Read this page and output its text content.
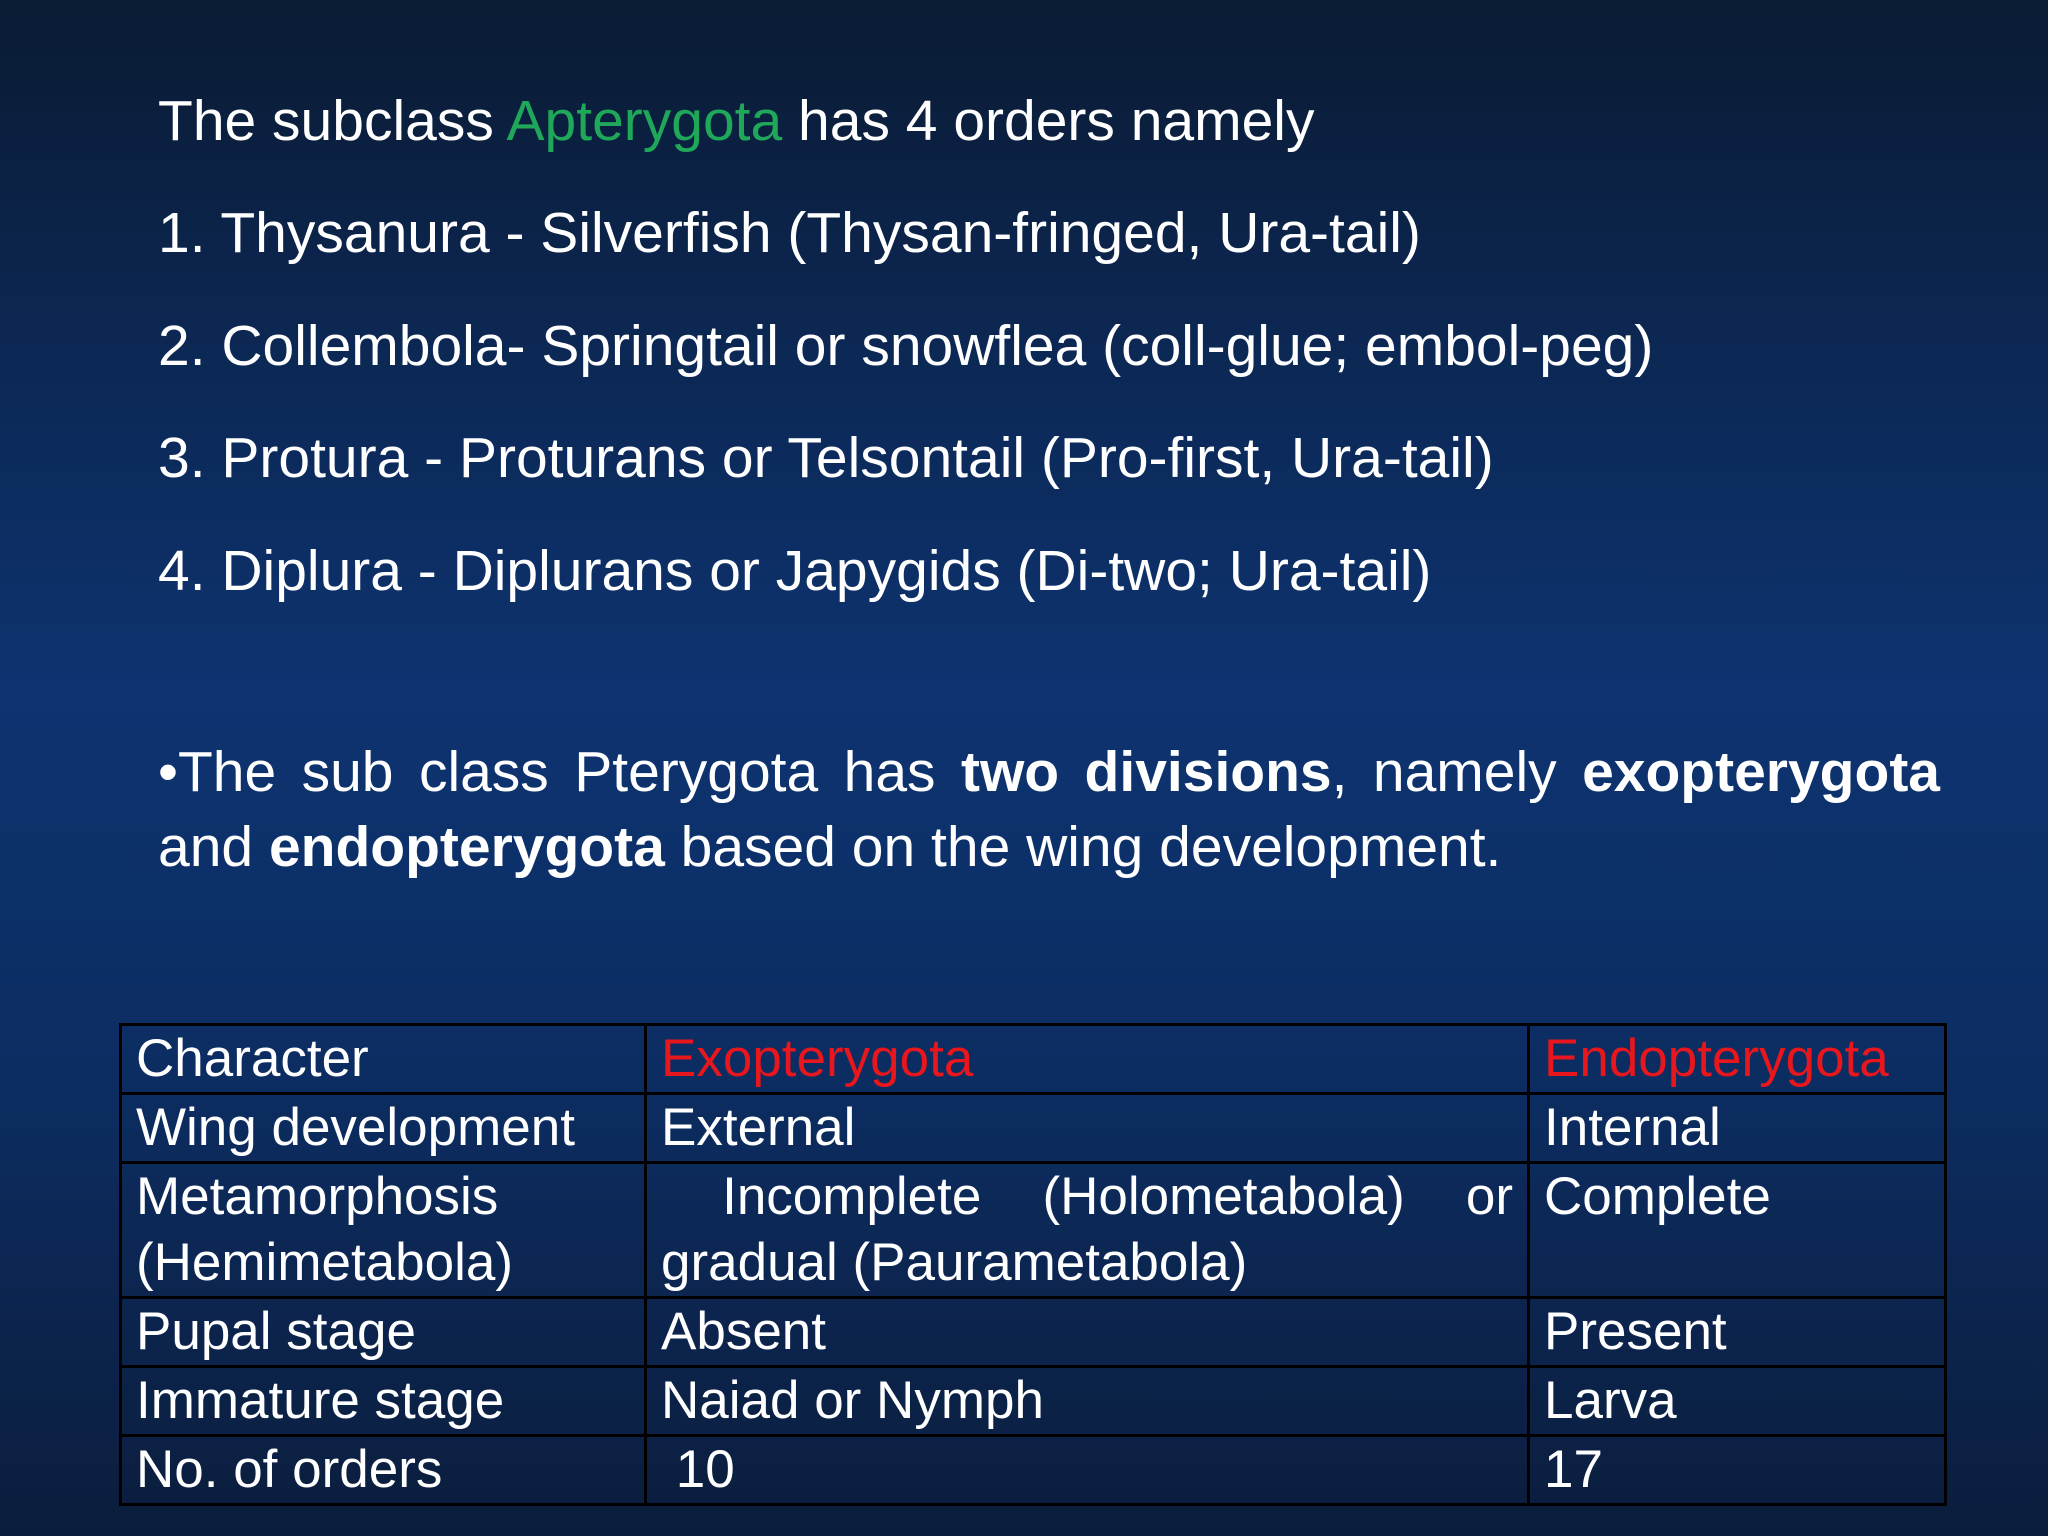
The subclass Apterygota has 4 orders namely
1. Thysanura - Silverfish (Thysan-fringed, Ura-tail)
2. Collembola- Springtail or snowflea (coll-glue; embol-peg)
3. Protura - Proturans or Telsontail (Pro-first, Ura-tail)
4. Diplura - Diplurans or Japygids (Di-two; Ura-tail)
•The sub class Pterygota has two divisions, namely exopterygota and endopterygota based on the wing development.
Character	Exopterygota	Endopterygota
Wing development	External	Internal
Metamorphosis (Hemimetabola)	Incomplete (Holometabola) or gradual (Paurametabola)	Complete
Pupal stage	Absent	Present
Immature stage	Naiad or Nymph	Larva
No. of orders	10	17
